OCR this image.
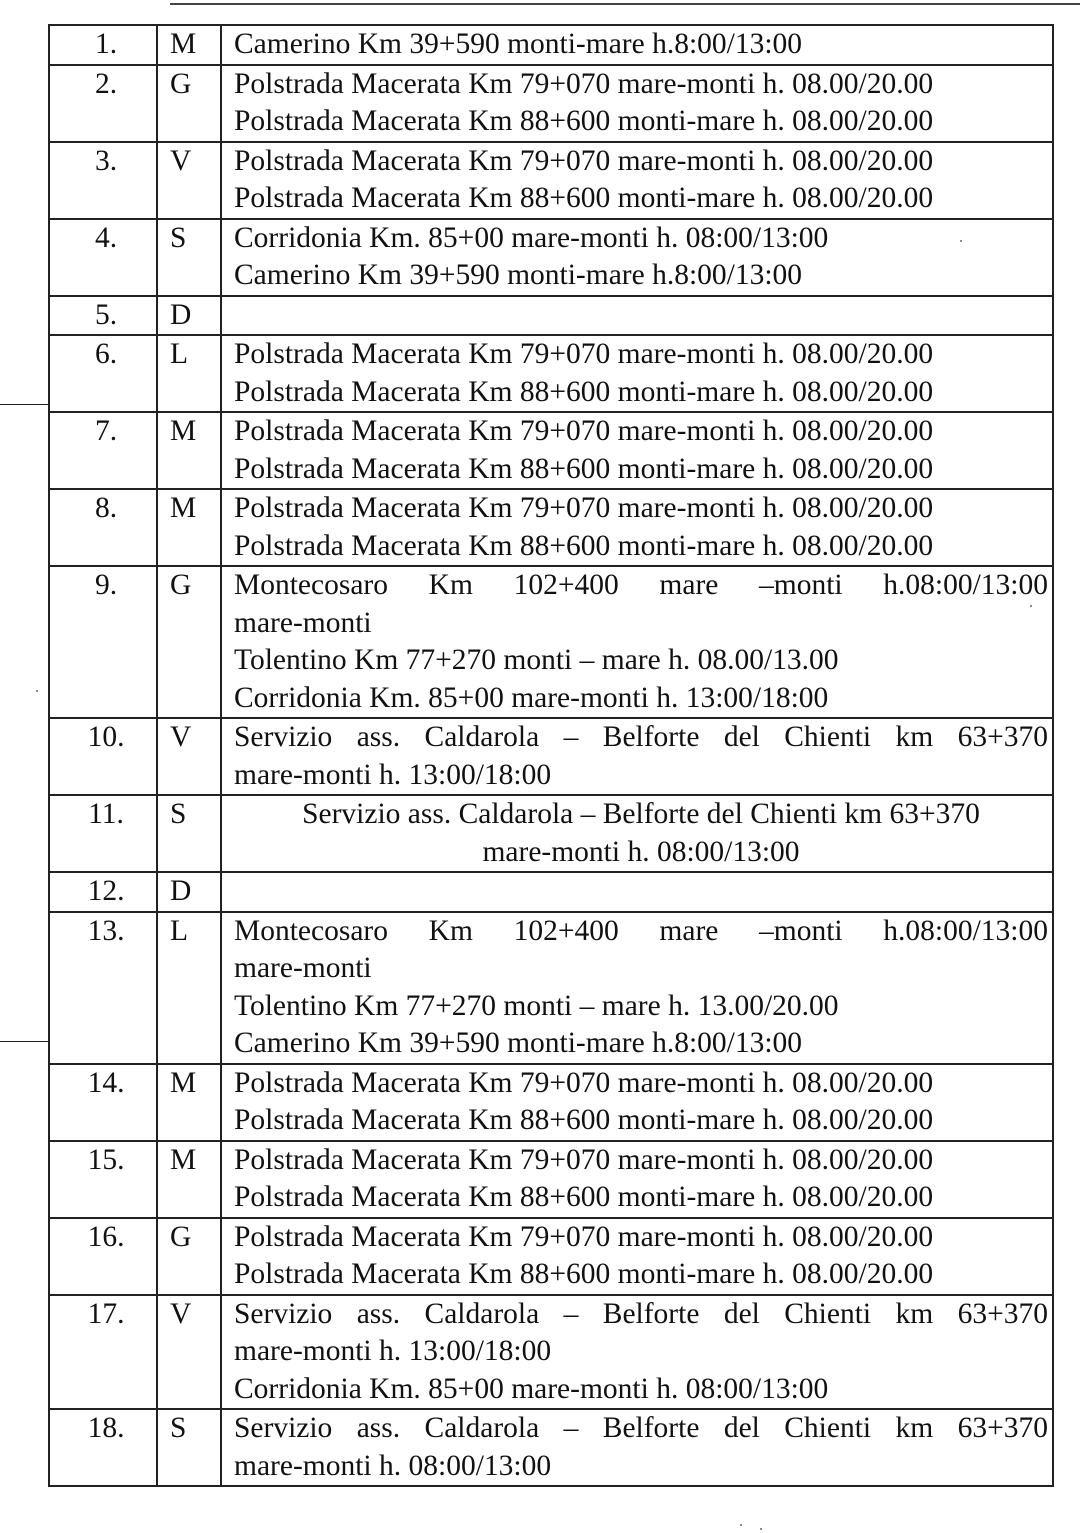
1.	M	Camerino Km 39+590 monti-mare h.8:00/13:00

2.	G	Polstrada Macerata Km 79+070 mare-monti h. 08.00/20.00
Polstrada Macerata Km 88+600 monti-mare h. 08.00/20.00

3.	V	Polstrada Macerata Km 79+070 mare-monti h. 08.00/20.00
Polstrada Macerata Km 88+600 monti-mare h. 08.00/20.00

4.	S	Corridonia Km. 85+00 mare-monti h. 08:00/13:00
Camerino Km 39+590 monti-mare h.8:00/13:00

5.	D	

6.	L	Polstrada Macerata Km 79+070 mare-monti h. 08.00/20.00
Polstrada Macerata Km 88+600 monti-mare h. 08.00/20.00

7.	M	Polstrada Macerata Km 79+070 mare-monti h. 08.00/20.00
Polstrada Macerata Km 88+600 monti-mare h. 08.00/20.00

8.	M	Polstrada Macerata Km 79+070 mare-monti h. 08.00/20.00
Polstrada Macerata Km 88+600 monti-mare h. 08.00/20.00

9.	G	Montecosaro Km 102+400 mare –monti h.08:00/13:00
mare-monti
Tolentino Km 77+270 monti – mare h. 08.00/13.00
Corridonia Km. 85+00 mare-monti h. 13:00/18:00

10.	V	Servizio ass. Caldarola – Belforte del Chienti km 63+370
mare-monti h. 13:00/18:00

11.	S	Servizio ass. Caldarola – Belforte del Chienti km 63+370
mare-monti h. 08:00/13:00

12.	D	

13.	L	Montecosaro Km 102+400 mare –monti h.08:00/13:00
mare-monti
Tolentino Km 77+270 monti – mare h. 13.00/20.00
Camerino Km 39+590 monti-mare h.8:00/13:00

14.	M	Polstrada Macerata Km 79+070 mare-monti h. 08.00/20.00
Polstrada Macerata Km 88+600 monti-mare h. 08.00/20.00

15.	M	Polstrada Macerata Km 79+070 mare-monti h. 08.00/20.00
Polstrada Macerata Km 88+600 monti-mare h. 08.00/20.00

16.	G	Polstrada Macerata Km 79+070 mare-monti h. 08.00/20.00
Polstrada Macerata Km 88+600 monti-mare h. 08.00/20.00

17.	V	Servizio ass. Caldarola – Belforte del Chienti km 63+370
mare-monti h. 13:00/18:00
Corridonia Km. 85+00 mare-monti h. 08:00/13:00

18.	S	Servizio ass. Caldarola – Belforte del Chienti km 63+370
mare-monti h. 08:00/13:00
